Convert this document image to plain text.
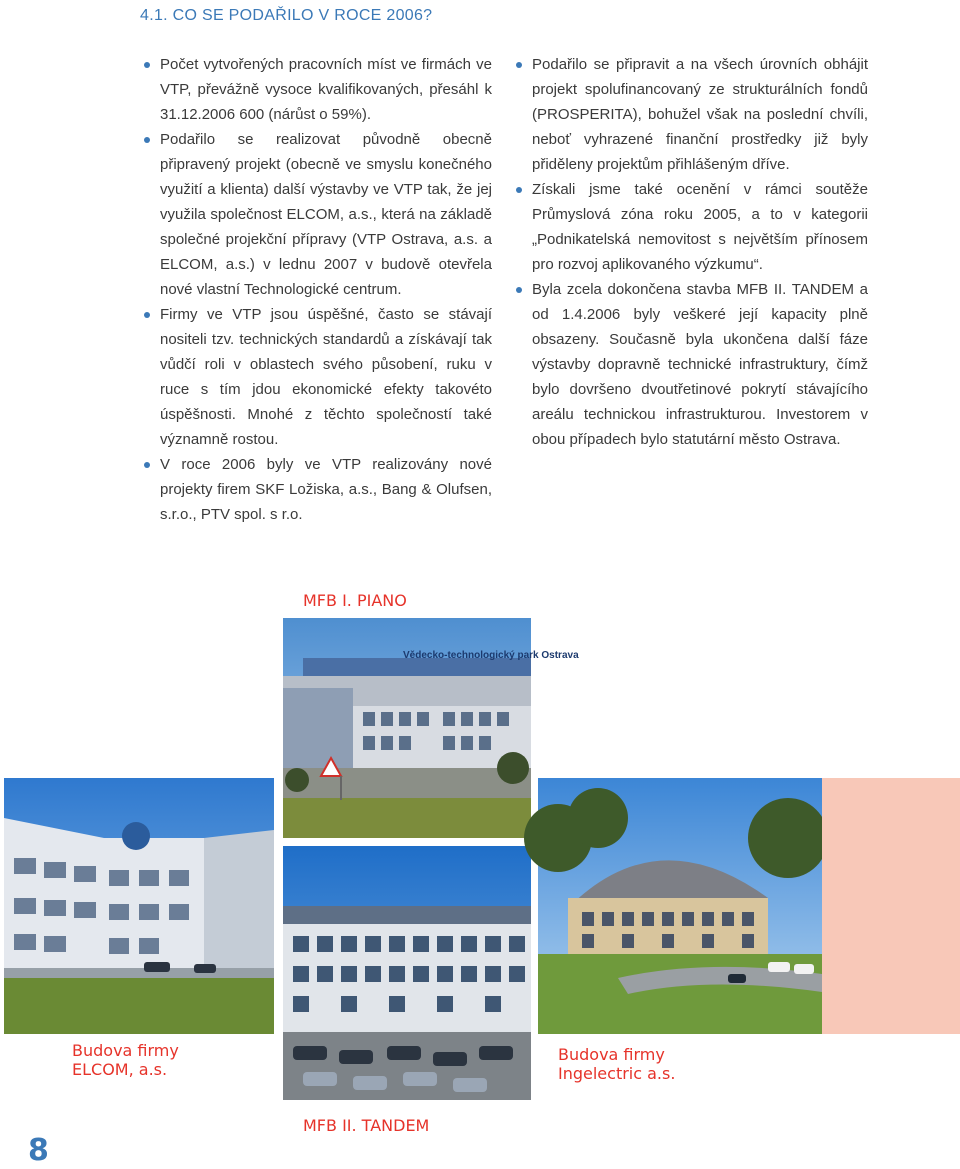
4.1. CO SE PODAŘILO V ROCE 2006?
Počet vytvořených pracovních míst ve firmách ve VTP, převážně vysoce kvalifikovaných, přesáhl k 31.12.2006 600 (nárůst o 59%).
Podařilo se realizovat původně obecně připravený projekt (obecně ve smyslu konečného využití a klienta) další výstavby ve VTP tak, že jej využila společnost ELCOM, a.s., která na základě společné projekční přípravy (VTP Ostrava, a.s. a ELCOM, a.s.) v lednu 2007 v budově otevřela nové vlastní Technologické centrum.
Firmy ve VTP jsou úspěšné, často se stávají nositeli tzv. technických standardů a získávají tak vůdčí roli v oblastech svého působení, ruku v ruce s tím jdou ekonomické efekty takovéto úspěšnosti. Mnohé z těchto společností také významně rostou.
V roce 2006 byly ve VTP realizovány nové projekty firem SKF Ložiska, a.s., Bang & Olufsen, s.r.o., PTV spol. s r.o.
Podařilo se připravit a na všech úrovních obhájit projekt spolufinancovaný ze strukturálních fondů (PROSPERITA), bohužel však na poslední chvíli, neboť vyhrazené finanční prostředky již byly přiděleny projektům přihlášeným dříve.
Získali jsme také ocenění v rámci soutěže Průmyslová zóna roku 2005, a to v kategorii „Podnikatelská nemovitost s největším přínosem pro rozvoj aplikovaného výzkumu“.
Byla zcela dokončena stavba MFB II. TANDEM a od 1.4.2006 byly veškeré její kapacity plně obsazeny. Současně byla ukončena další fáze výstavby dopravně technické infrastruktury, čímž bylo dovršeno dvoutřetinové pokrytí stávajícího areálu technickou infrastrukturou. Investorem v obou případech bylo statutární město Ostrava.
MFB I. PIANO
Vědecko-technologický park Ostrava
Budova firmy
ELCOM, a.s.
Budova firmy
Ingelectric a.s.
MFB II. TANDEM
8
